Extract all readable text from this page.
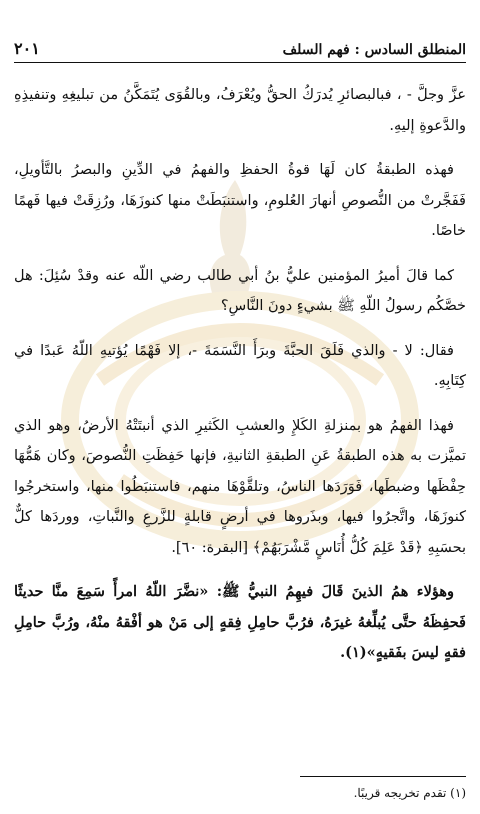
المنطلق السادس : فهم السلف
٢٠١

عزَّ وجلَّ - ، فبالبصائرِ يُدرَكُ الحقُّ ويُعْرَفُ، وبالقُوَى يُتَمَكَّنُ من تبليغِهِ وتنفيذِهِ والدَّعوةِ إليهِ.

فهذه الطبقةُ كان لَهَا قوةُ الحفظِ والفهمُ في الدِّينِ والبصرُ بالتَّأويلِ، فَفَجَّرتْ من النُّصوصِ أنهارَ العُلومِ، واستنبَطَتْ منها كنوزَهَا، ورُزِقَتْ فيها فَهمًا خاصًا.

كما قالَ أميرُ المؤمنين عليُّ بنُ أبي طالب رضي اللّه عنه وقدْ سُئِلَ: هل خصَّكُم رسولُ اللّهِ ﷺ بشيءٍ دونَ النَّاسِ؟

فقال: لا - والذي فَلَقَ الحبَّةَ وبرَأَ النَّسَمَةَ -، إلا فَهْمًا يُؤتيهِ اللّهُ عَبدًا في كِتَابِهِ.

فهذا الفهمُ هو بمنزلةِ الكَلإِ والعشبِ الكَثيرِ الذي أنبتَتْهُ الأرضُ، وهو الذي تميَّزت به هذه الطبقةُ عَنِ الطبقةِ الثانيةِ، فإنها حَفِظَتِ النُّصوصَ، وكان هَمُّهَا حِفْظَها وضبطَها، فَوَرَدَها الناسُ، وتلقَّوْهَا منهم، فاستنبَطُوا منها، واستخرجُوا كنوزَهَا، واتَّجرُوا فيها، وبذَروها في أرضٍ قابلةٍ للزَّرعِ والنَّباتِ، ووردَها كلٌّ بحسَبِهِ ﴿قَدْ عَلِمَ كُلُّ أُنَاسٍ مَّشْرَبَهُمْ﴾ [البقرة: ٦٠].

وهؤلاء همُ الذينَ قَالَ فيهِمُ النبيُّ ﷺ: «نضَّرَ اللّهُ امرأً سَمِعَ منَّا حديثًا فَحفِظَهُ حتَّى يُبلِّغهُ غيرَهُ، فرُبَّ حامِلِ فِقهٍ إلى مَنْ هو أفْقهُ منْهُ، ورُبَّ حامِلِ فقهٍ ليسَ بفَقيهٍ»(١).

(١) تقدم تخريجه قريبًا.
